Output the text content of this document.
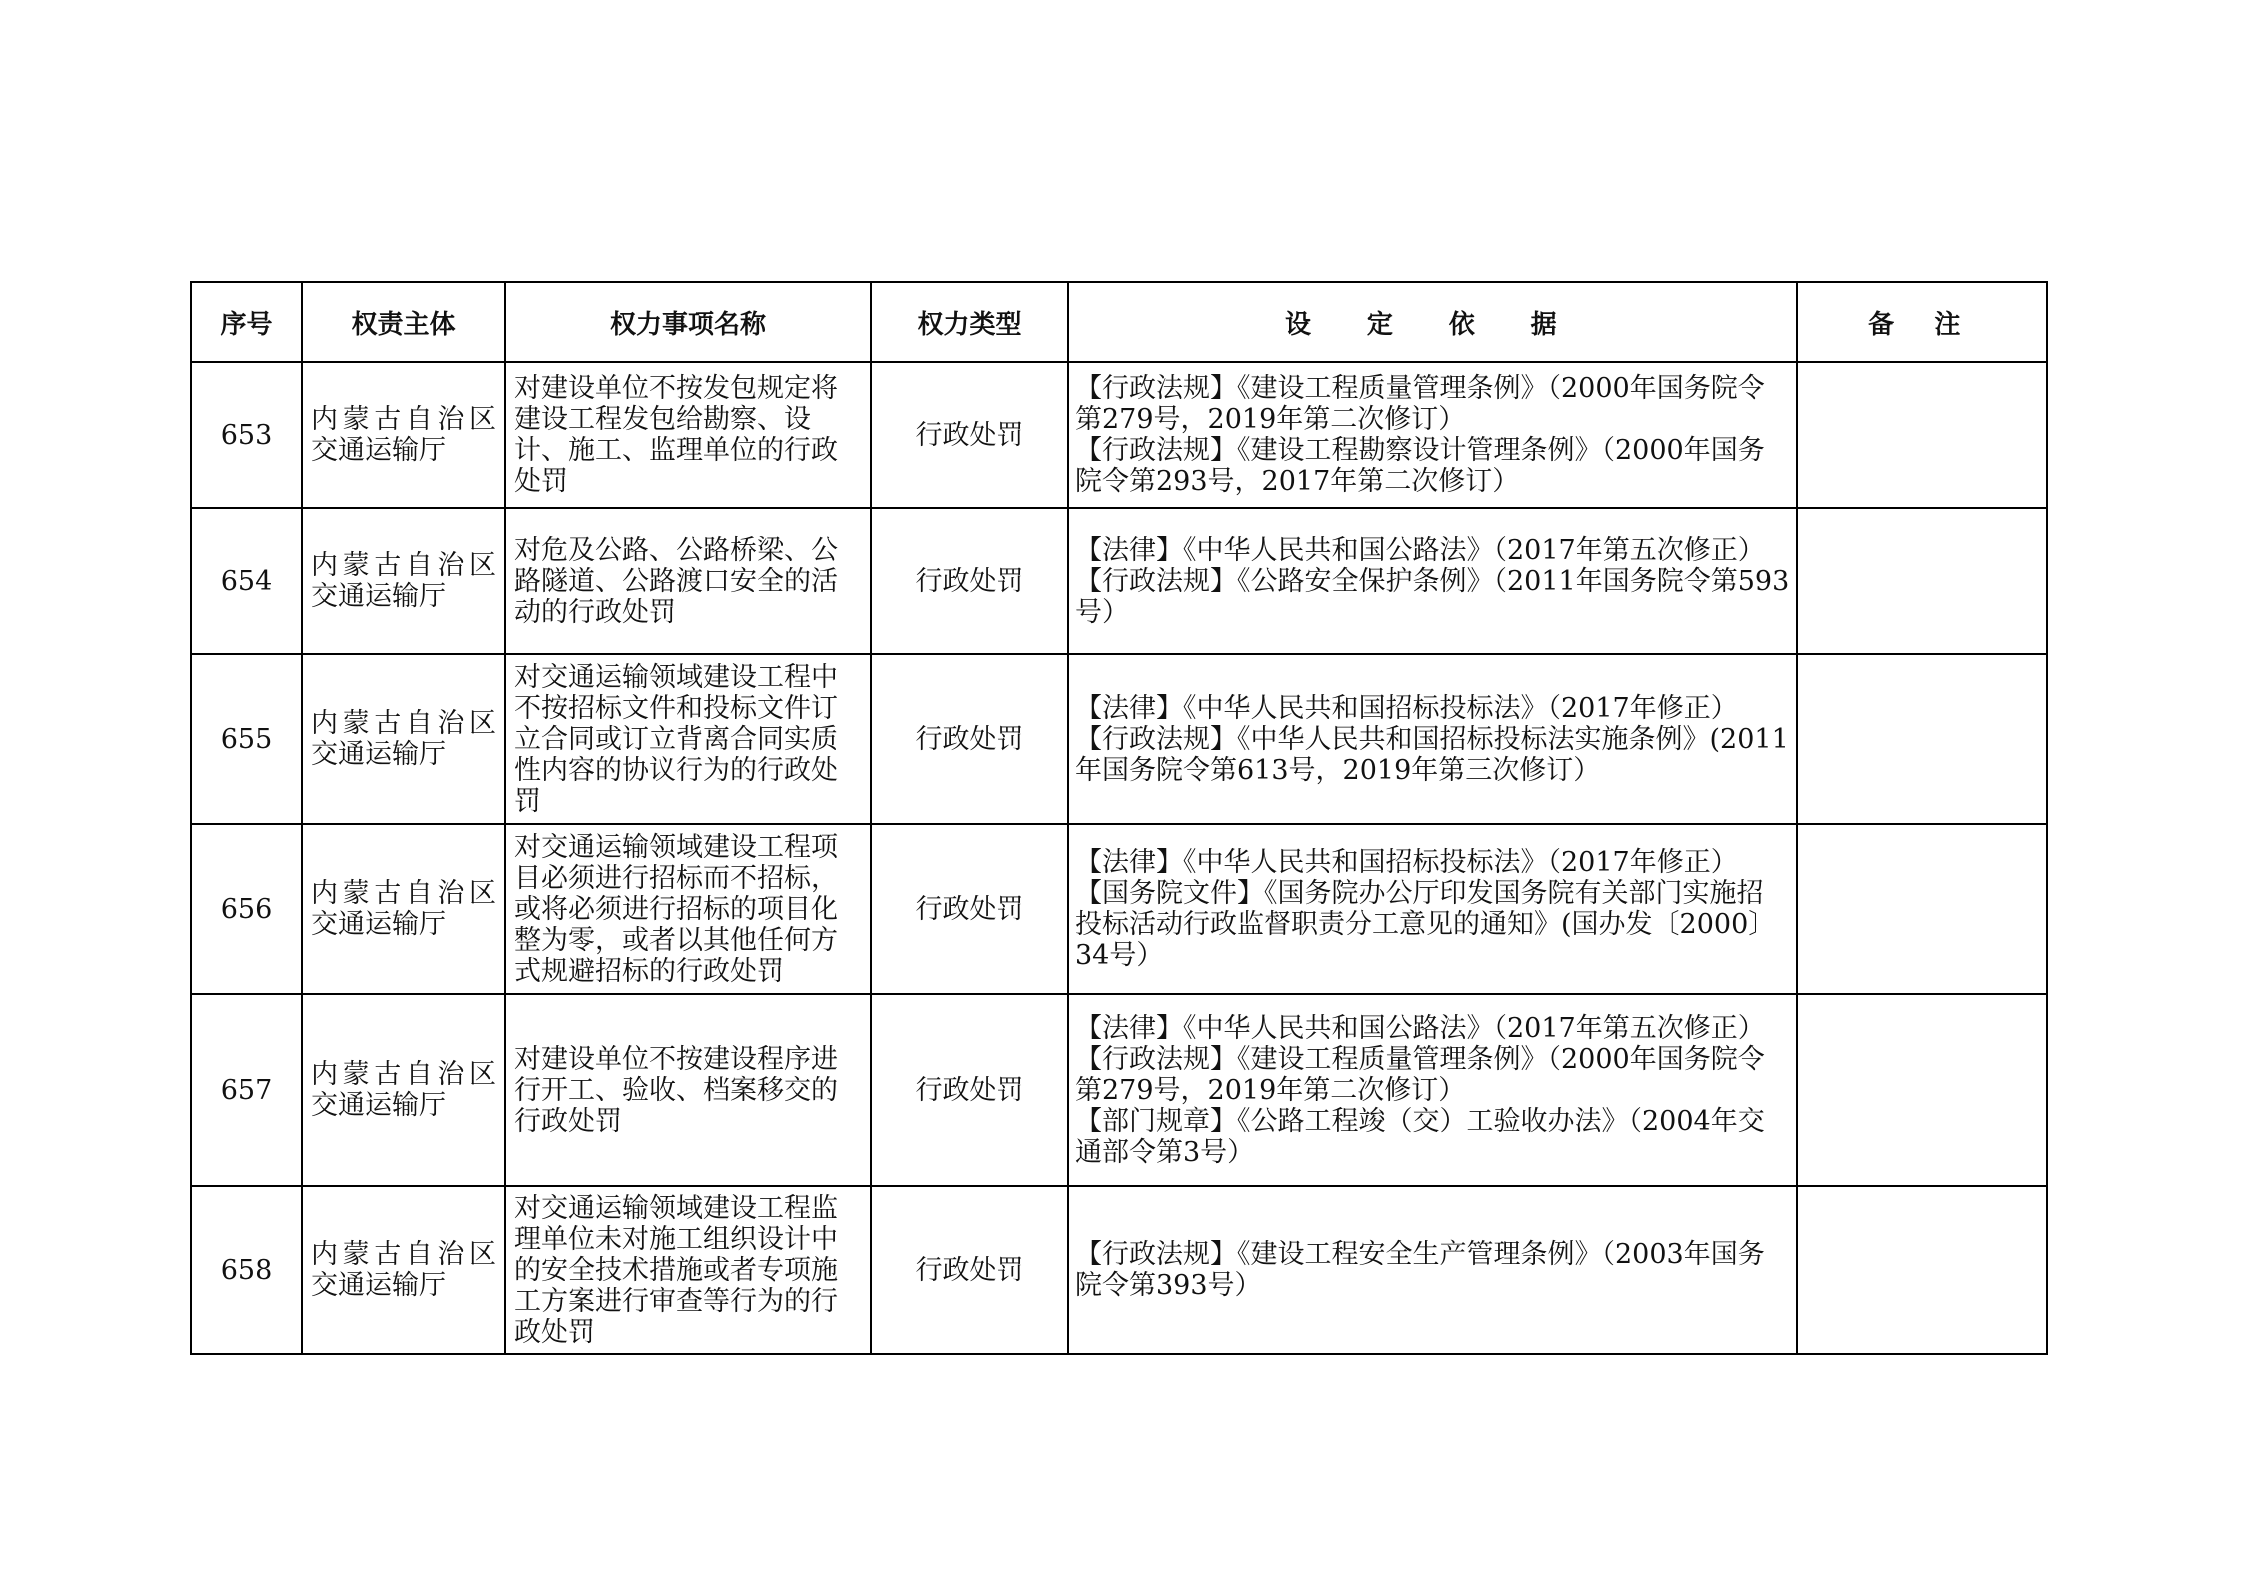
序号	权责主体	权力事项名称	权力类型	设 定 依 据	备 注
653	内蒙古自治区交通运输厅	对建设单位不按发包规定将建设工程发包给勘察、设计、施工、监理单位的行政处罚	行政处罚	【行政法规】《建设工程质量管理条例》（2000年国务院令第279号，2019年第二次修订）
【行政法规】《建设工程勘察设计管理条例》（2000年国务院令第293号，2017年第二次修订）	

654	内蒙古自治区交通运输厅	对危及公路、公路桥梁、公路隧道、公路渡口安全的活动的行政处罚	行政处罚	【法律】《中华人民共和国公路法》（2017年第五次修正）
【行政法规】《公路安全保护条例》（2011年国务院令第593号）	

655	内蒙古自治区交通运输厅	对交通运输领域建设工程中不按招标文件和投标文件订立合同或订立背离合同实质性内容的协议行为的行政处罚	行政处罚	【法律】《中华人民共和国招标投标法》（2017年修正）
【行政法规】《中华人民共和国招标投标法实施条例》(2011年国务院令第613号，2019年第三次修订）	

656	内蒙古自治区交通运输厅	对交通运输领域建设工程项目必须进行招标而不招标，或将必须进行招标的项目化整为零，或者以其他任何方式规避招标的行政处罚	行政处罚	【法律】《中华人民共和国招标投标法》（2017年修正）
【国务院文件】《国务院办公厅印发国务院有关部门实施招投标活动行政监督职责分工意见的通知》(国办发〔2000〕34号）	

657	内蒙古自治区交通运输厅	对建设单位不按建设程序进行开工、验收、档案移交的行政处罚	行政处罚	【法律】《中华人民共和国公路法》（2017年第五次修正）
【行政法规】《建设工程质量管理条例》（2000年国务院令第279号，2019年第二次修订）
【部门规章】《公路工程竣（交）工验收办法》（2004年交通部令第3号）	

658	内蒙古自治区交通运输厅	对交通运输领域建设工程监理单位未对施工组织设计中的安全技术措施或者专项施工方案进行审查等行为的行政处罚	行政处罚	【行政法规】《建设工程安全生产管理条例》（2003年国务院令第393号）	
